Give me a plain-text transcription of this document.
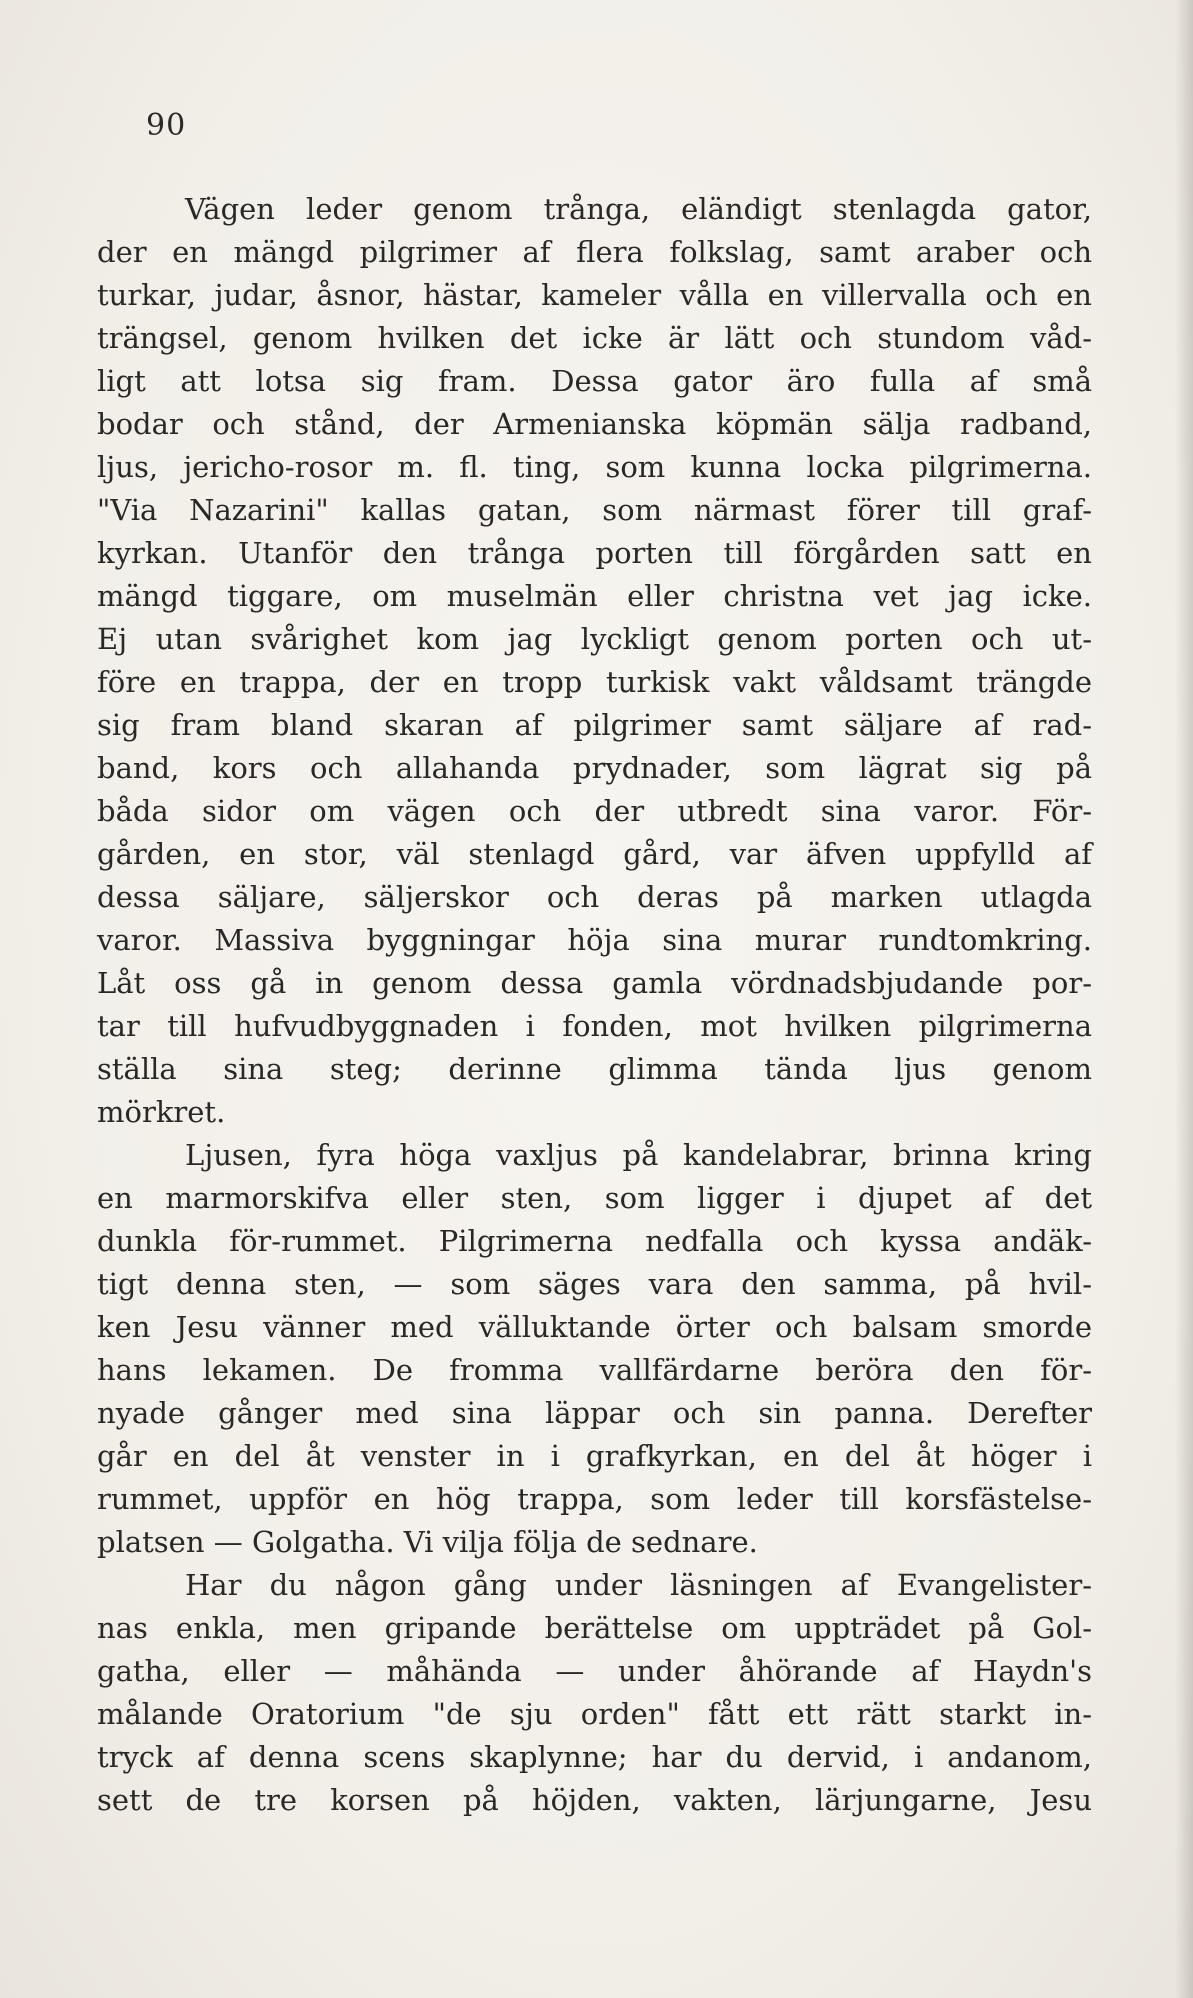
90
Vägen leder genom trånga, eländigt stenlagda gator,
der en mängd pilgrimer af flera folkslag, samt araber och
turkar, judar, åsnor, hästar, kameler vålla en villervalla och en
trängsel, genom hvilken det icke är lätt och stundom våd-
ligt att lotsa sig fram. Dessa gator äro fulla af små
bodar och stånd, der Armenianska köpmän sälja radband,
ljus, jericho-rosor m. fl. ting, som kunna locka pilgrimerna.
"Via Nazarini" kallas gatan, som närmast förer till graf-
kyrkan. Utanför den trånga porten till förgården satt en
mängd tiggare, om muselmän eller christna vet jag icke.
Ej utan svårighet kom jag lyckligt genom porten och ut-
före en trappa, der en tropp turkisk vakt våldsamt trängde
sig fram bland skaran af pilgrimer samt säljare af rad-
band, kors och allahanda prydnader, som lägrat sig på
båda sidor om vägen och der utbredt sina varor. För-
gården, en stor, väl stenlagd gård, var äfven uppfylld af
dessa säljare, säljerskor och deras på marken utlagda
varor. Massiva byggningar höja sina murar rundtomkring.
Låt oss gå in genom dessa gamla vördnadsbjudande por-
tar till hufvudbyggnaden i fonden, mot hvilken pilgrimerna
ställa sina steg; derinne glimma tända ljus genom
mörkret.
Ljusen, fyra höga vaxljus på kandelabrar, brinna kring
en marmorskifva eller sten, som ligger i djupet af det
dunkla för-rummet. Pilgrimerna nedfalla och kyssa andäk-
tigt denna sten, — som säges vara den samma, på hvil-
ken Jesu vänner med välluktande örter och balsam smorde
hans lekamen. De fromma vallfärdarne beröra den för-
nyade gånger med sina läppar och sin panna. Derefter
går en del åt venster in i grafkyrkan, en del åt höger i
rummet, uppför en hög trappa, som leder till korsfästelse-
platsen — Golgatha. Vi vilja följa de sednare.
Har du någon gång under läsningen af Evangelister-
nas enkla, men gripande berättelse om uppträdet på Gol-
gatha, eller — måhända — under åhörande af Haydn's
målande Oratorium "de sju orden" fått ett rätt starkt in-
tryck af denna scens skaplynne; har du dervid, i andanom,
sett de tre korsen på höjden, vakten, lärjungarne, Jesu
